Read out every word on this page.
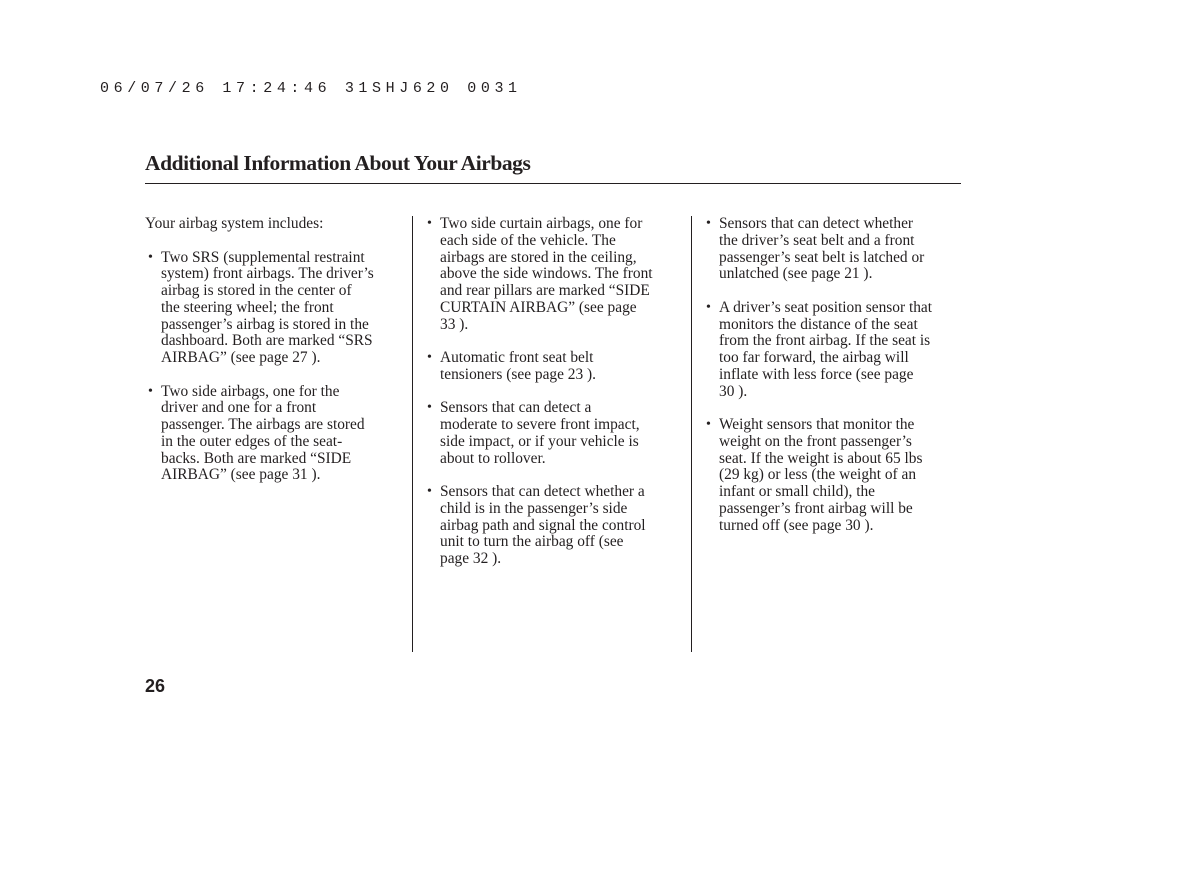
06/07/26 17:24:46 31SHJ620 0031
Additional Information About Your Airbags

Your airbag system includes:

• Two SRS (supplemental restraint
system) front airbags. The driver’s
airbag is stored in the center of
the steering wheel; the front
passenger’s airbag is stored in the
dashboard. Both are marked “SRS
AIRBAG” (see page 27 ).
• Two side airbags, one for the
driver and one for a front
passenger. The airbags are stored
in the outer edges of the seat-
backs. Both are marked “SIDE
AIRBAG” (see page 31 ).
• Two side curtain airbags, one for
each side of the vehicle. The
airbags are stored in the ceiling,
above the side windows. The front
and rear pillars are marked “SIDE
CURTAIN AIRBAG” (see page
33 ).
• Automatic front seat belt
tensioners (see page 23 ).
• Sensors that can detect a
moderate to severe front impact,
side impact, or if your vehicle is
about to rollover.
• Sensors that can detect whether a
child is in the passenger’s side
airbag path and signal the control
unit to turn the airbag off (see
page 32 ).
• Sensors that can detect whether
the driver’s seat belt and a front
passenger’s seat belt is latched or
unlatched (see page 21 ).
• A driver’s seat position sensor that
monitors the distance of the seat
from the front airbag. If the seat is
too far forward, the airbag will
inflate with less force (see page
30 ).
• Weight sensors that monitor the
weight on the front passenger’s
seat. If the weight is about 65 lbs
(29 kg) or less (the weight of an
infant or small child), the
passenger’s front airbag will be
turned off (see page 30 ).
26
